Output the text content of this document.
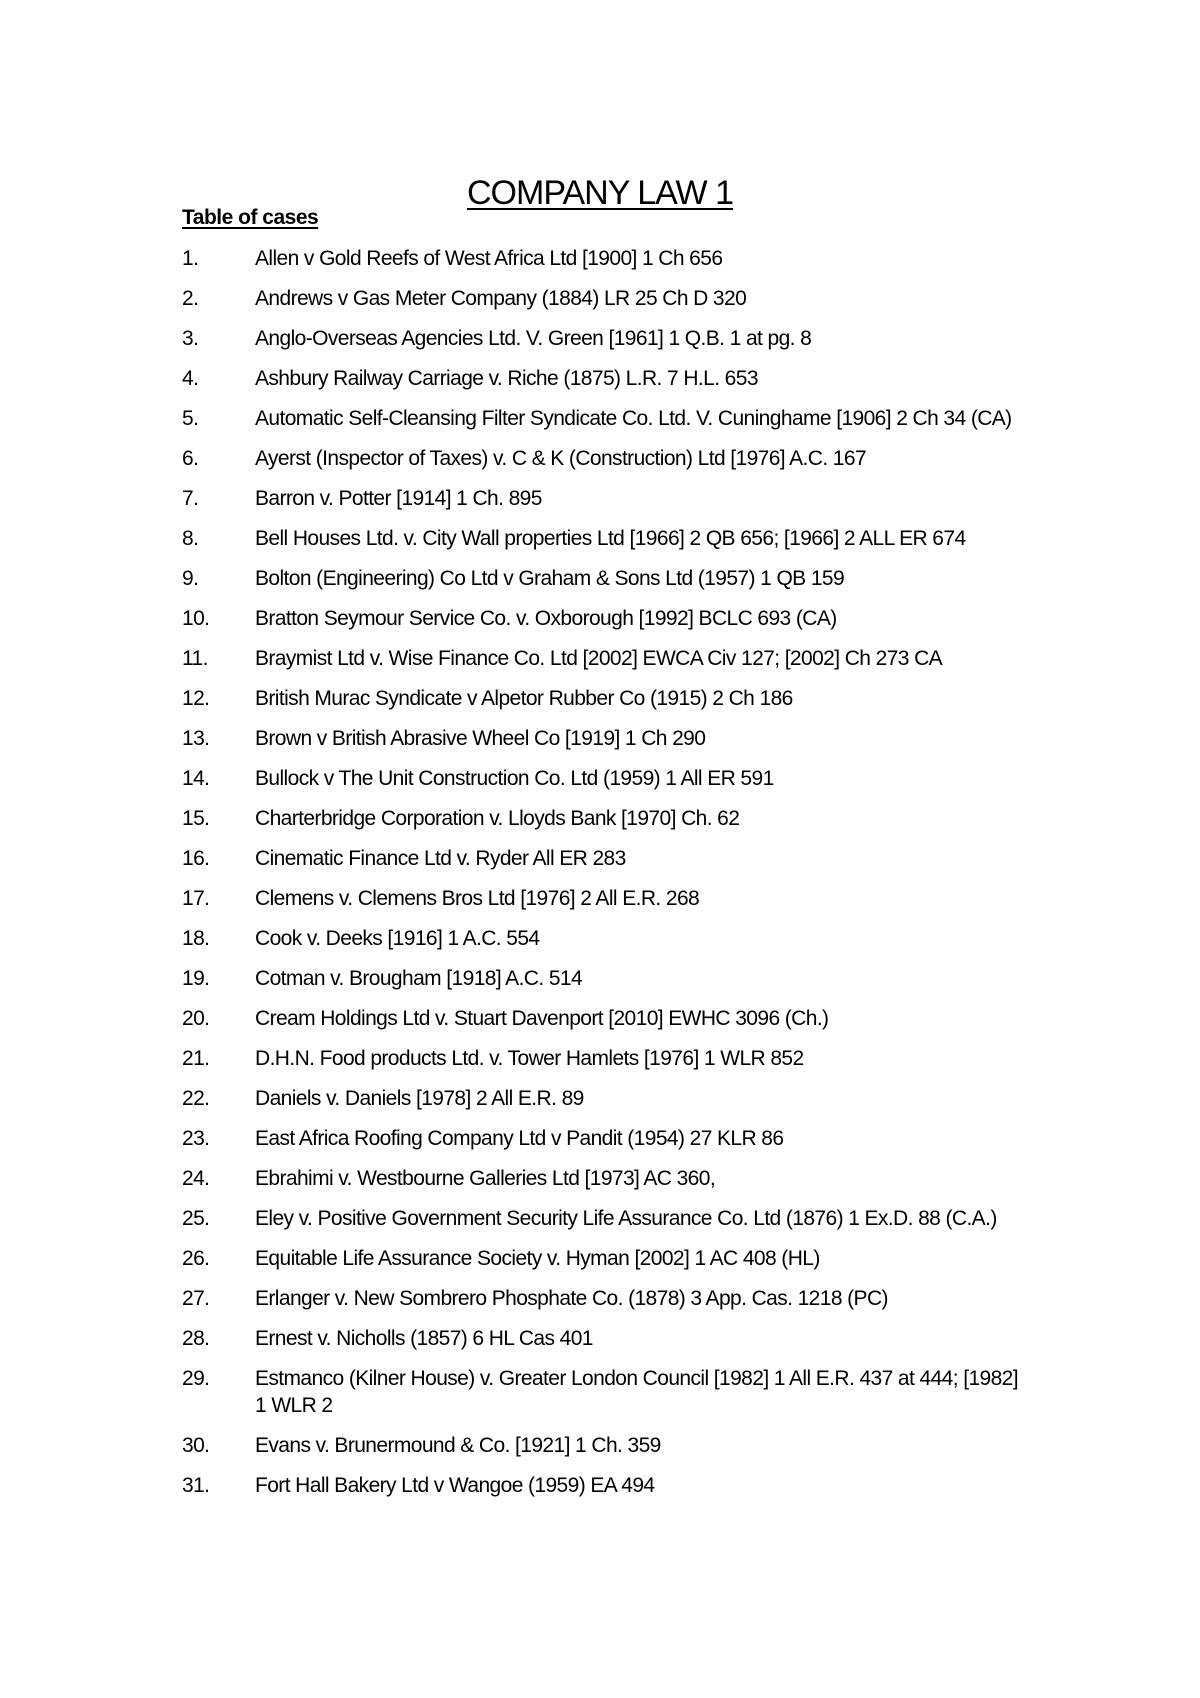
COMPANY LAW 1
Table of cases
1.	Allen v Gold Reefs of West Africa Ltd [1900] 1 Ch 656
2.	Andrews v Gas Meter Company (1884) LR 25 Ch D 320
3.	Anglo-Overseas Agencies Ltd. V. Green [1961] 1 Q.B. 1 at pg. 8
4.	Ashbury Railway Carriage v. Riche (1875) L.R. 7 H.L. 653
5.	Automatic Self-Cleansing Filter Syndicate Co. Ltd. V. Cuninghame [1906] 2 Ch 34 (CA)
6.	Ayerst (Inspector of Taxes) v. C & K (Construction) Ltd [1976] A.C. 167
7.	Barron v. Potter [1914] 1 Ch. 895
8.	Bell Houses Ltd. v. City Wall properties Ltd [1966] 2 QB 656; [1966] 2 ALL ER 674
9.	Bolton (Engineering) Co Ltd v Graham & Sons Ltd (1957) 1 QB 159
10.	Bratton Seymour Service Co. v. Oxborough [1992] BCLC 693 (CA)
11.	Braymist Ltd v. Wise Finance Co. Ltd [2002] EWCA Civ 127; [2002] Ch 273 CA
12.	British Murac Syndicate v Alpetor Rubber Co (1915) 2 Ch 186
13.	Brown v British Abrasive Wheel Co [1919] 1 Ch 290
14.	Bullock v The Unit Construction Co. Ltd (1959) 1 All ER 591
15.	Charterbridge Corporation v. Lloyds Bank [1970] Ch. 62
16.	Cinematic Finance Ltd v. Ryder All ER 283
17.	Clemens v. Clemens Bros Ltd [1976] 2 All E.R. 268
18.	Cook v. Deeks [1916] 1 A.C. 554
19.	Cotman v. Brougham [1918] A.C. 514
20.	Cream Holdings Ltd v. Stuart Davenport [2010] EWHC 3096 (Ch.)
21.	D.H.N. Food products Ltd. v. Tower Hamlets [1976] 1 WLR 852
22.	Daniels v. Daniels [1978] 2 All E.R. 89
23.	East Africa Roofing Company Ltd v Pandit (1954) 27 KLR 86
24.	Ebrahimi v. Westbourne Galleries Ltd [1973] AC 360,
25.	Eley v. Positive Government Security Life Assurance Co. Ltd (1876) 1 Ex.D. 88 (C.A.)
26.	Equitable Life Assurance Society v. Hyman [2002] 1 AC 408 (HL)
27.	Erlanger v. New Sombrero Phosphate Co. (1878) 3 App. Cas. 1218 (PC)
28.	Ernest v. Nicholls (1857) 6 HL Cas 401
29.	Estmanco (Kilner House) v. Greater London Council [1982] 1 All E.R. 437 at 444; [1982] 1 WLR 2
30.	Evans v. Brunermound & Co. [1921] 1 Ch. 359
31.	Fort Hall Bakery Ltd v Wangoe (1959) EA 494
